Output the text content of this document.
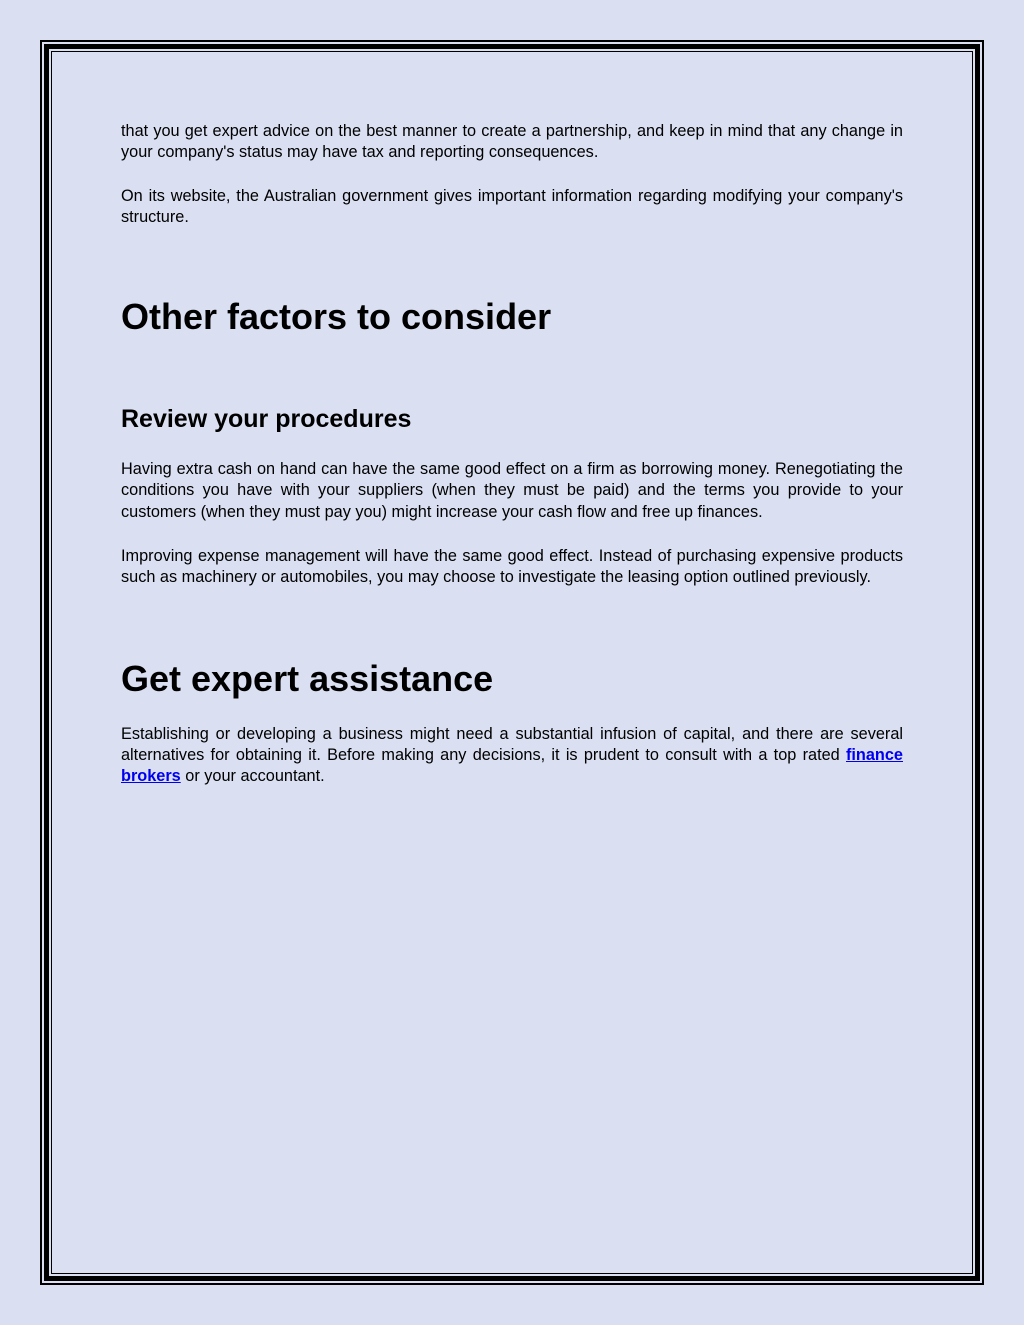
that you get expert advice on the best manner to create a partnership, and keep in mind that any change in your company's status may have tax and reporting consequences.

On its website, the Australian government gives important information regarding modifying your company's structure.

Other factors to consider
Review your procedures

Having extra cash on hand can have the same good effect on a firm as borrowing money. Renegotiating the conditions you have with your suppliers (when they must be paid) and the terms you provide to your customers (when they must pay you) might increase your cash flow and free up finances.

Improving expense management will have the same good effect. Instead of purchasing expensive products such as machinery or automobiles, you may choose to investigate the leasing option outlined previously.

Get expert assistance

Establishing or developing a business might need a substantial infusion of capital, and there are several alternatives for obtaining it. Before making any decisions, it is prudent to consult with a top rated finance brokers or your accountant.
